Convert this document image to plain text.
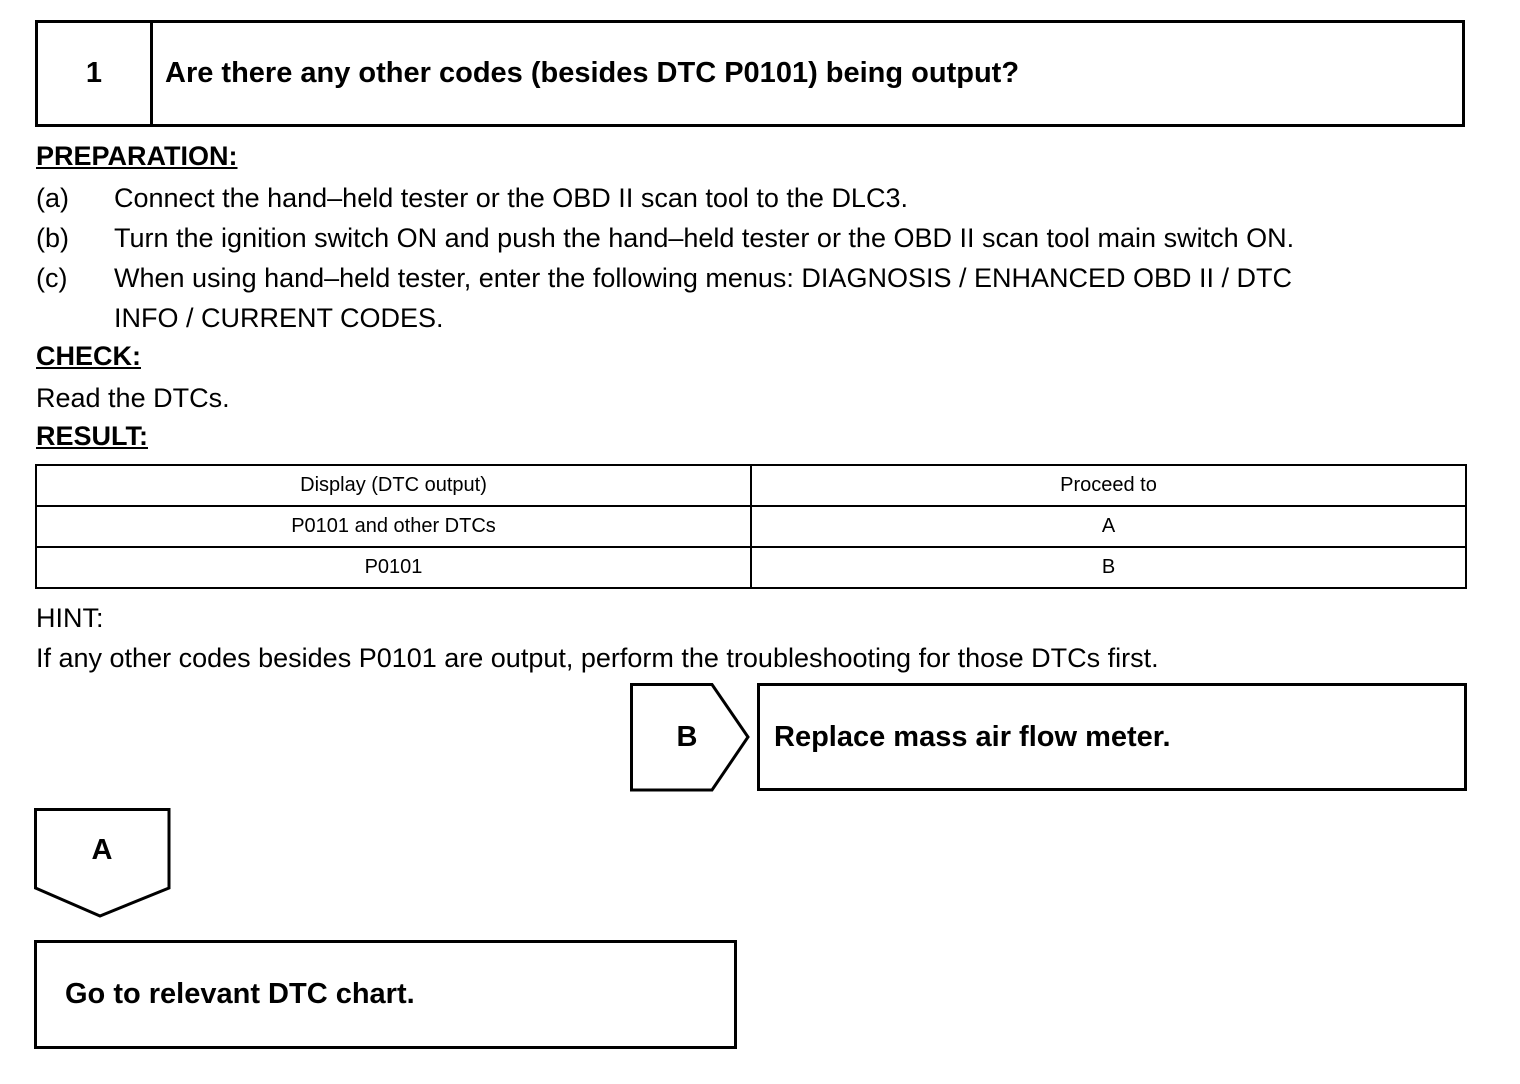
1	Are there any other codes (besides DTC P0101) being output?
PREPARATION:
(a)	Connect the hand–held tester or the OBD II scan tool to the DLC3.
(b)	Turn the ignition switch ON and push the hand–held tester or the OBD II scan tool main switch ON.
(c)	When using hand–held tester, enter the following menus: DIAGNOSIS / ENHANCED OBD II / DTC
INFO / CURRENT CODES.
CHECK:
Read the DTCs.
RESULT:
Display (DTC output)	Proceed to
P0101 and other DTCs	A
P0101	B
HINT:
If any other codes besides P0101 are output, perform the troubleshooting for those DTCs first.
B	Replace mass air flow meter.
A
Go to relevant DTC chart.
